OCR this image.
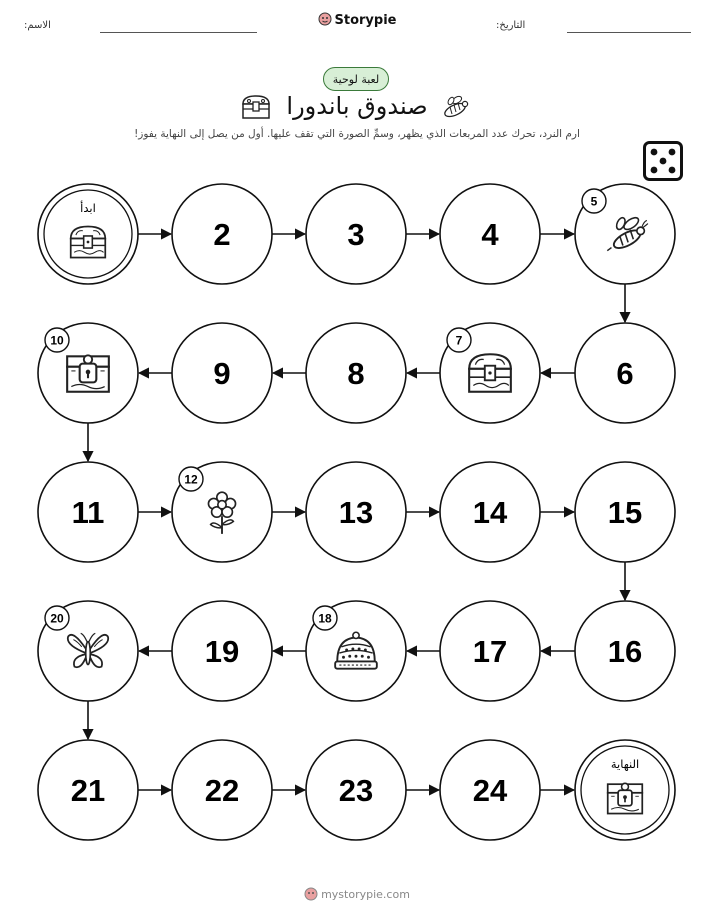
الاسم:	Storypie	التاريخ:
لعبة لوحية
صندوق باندورا
ارم النرد، تحرك عدد المربعات الذي يظهر، وسمِّ الصورة التي تقف عليها. أول من يصل إلى النهاية يفوز!
ابدأ
2	3	4
5
6
7
8
9
10
11
12
13	14	15
16
17
18
19
20
21	22	23	24
النهاية
mystorypie.com
